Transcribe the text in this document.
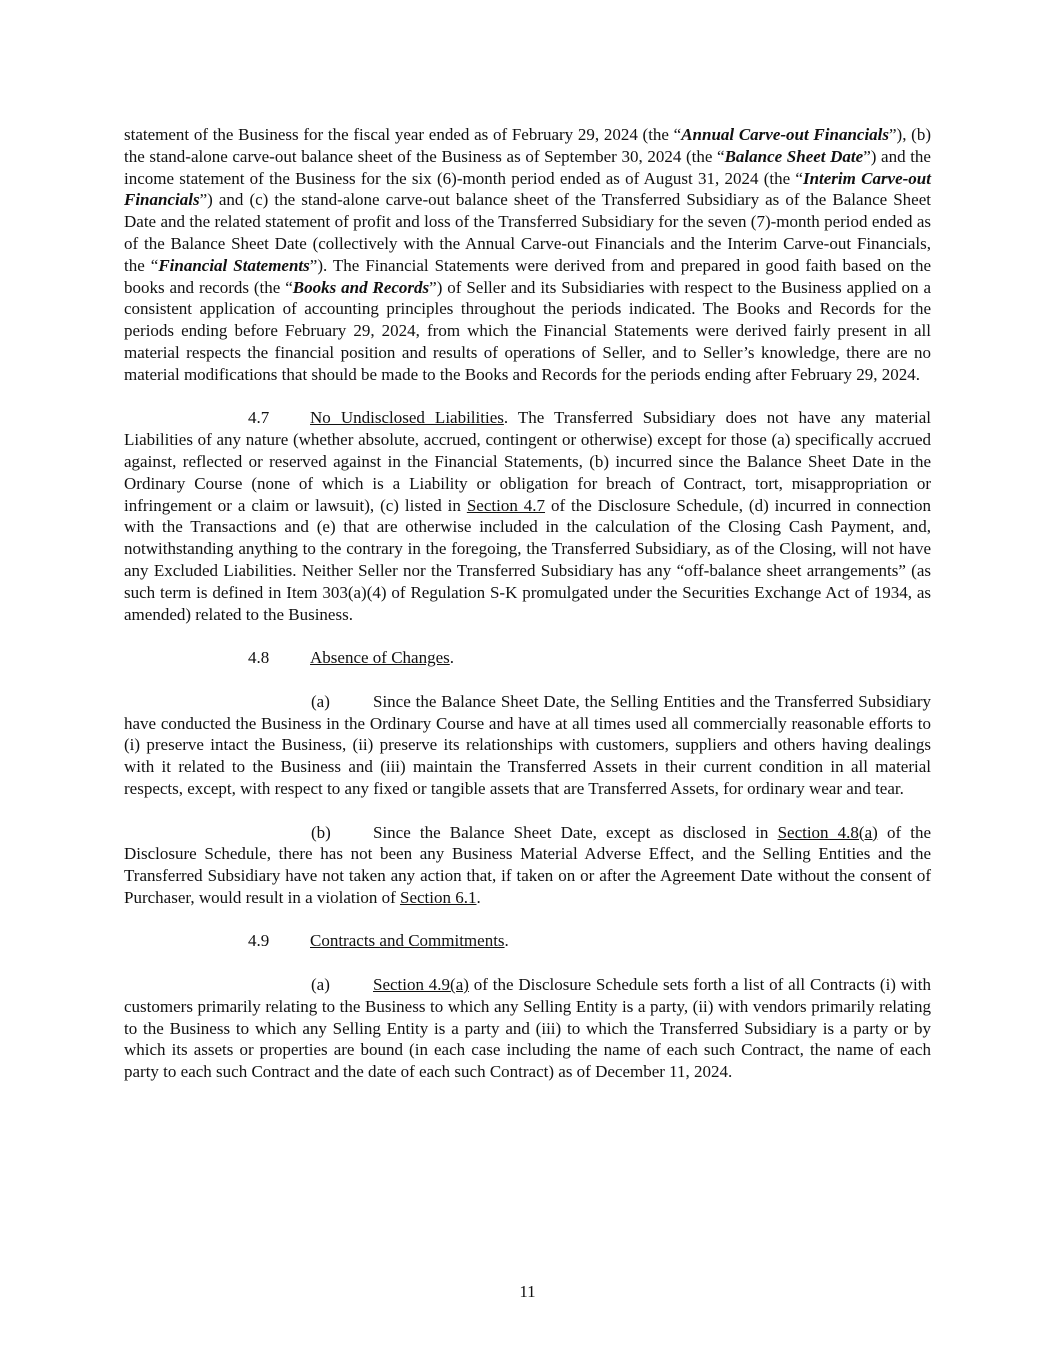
statement of the Business for the fiscal year ended as of February 29, 2024 (the “Annual Carve-out Financials”), (b) the stand-alone carve-out balance sheet of the Business as of September 30, 2024 (the “Balance Sheet Date”) and the income statement of the Business for the six (6)-month period ended as of August 31, 2024 (the “Interim Carve-out Financials”) and (c) the stand-alone carve-out balance sheet of the Transferred Subsidiary as of the Balance Sheet Date and the related statement of profit and loss of the Transferred Subsidiary for the seven (7)-month period ended as of the Balance Sheet Date (collectively with the Annual Carve-out Financials and the Interim Carve-out Financials, the “Financial Statements”). The Financial Statements were derived from and prepared in good faith based on the books and records (the “Books and Records”) of Seller and its Subsidiaries with respect to the Business applied on a consistent application of accounting principles throughout the periods indicated. The Books and Records for the periods ending before February 29, 2024, from which the Financial Statements were derived fairly present in all material respects the financial position and results of operations of Seller, and to Seller’s knowledge, there are no material modifications that should be made to the Books and Records for the periods ending after February 29, 2024.

4.7 No Undisclosed Liabilities. The Transferred Subsidiary does not have any material Liabilities of any nature (whether absolute, accrued, contingent or otherwise) except for those (a) specifically accrued against, reflected or reserved against in the Financial Statements, (b) incurred since the Balance Sheet Date in the Ordinary Course (none of which is a Liability or obligation for breach of Contract, tort, misappropriation or infringement or a claim or lawsuit), (c) listed in Section 4.7 of the Disclosure Schedule, (d) incurred in connection with the Transactions and (e) that are otherwise included in the calculation of the Closing Cash Payment, and, notwithstanding anything to the contrary in the foregoing, the Transferred Subsidiary, as of the Closing, will not have any Excluded Liabilities. Neither Seller nor the Transferred Subsidiary has any “off-balance sheet arrangements” (as such term is defined in Item 303(a)(4) of Regulation S-K promulgated under the Securities Exchange Act of 1934, as amended) related to the Business.

4.8 Absence of Changes.

(a)	Since the Balance Sheet Date, the Selling Entities and the Transferred Subsidiary have conducted the Business in the Ordinary Course and have at all times used all commercially reasonable efforts to (i) preserve intact the Business, (ii) preserve its relationships with customers, suppliers and others having dealings with it related to the Business and (iii) maintain the Transferred Assets in their current condition in all material respects, except, with respect to any fixed or tangible assets that are Transferred Assets, for ordinary wear and tear.

(b) Since the Balance Sheet Date, except as disclosed in Section 4.8(a) of the Disclosure Schedule, there has not been any Business Material Adverse Effect, and the Selling Entities and the Transferred Subsidiary have not taken any action that, if taken on or after the Agreement Date without the consent of Purchaser, would result in a violation of Section 6.1.

4.9 Contracts and Commitments.

(a)	Section 4.9(a) of the Disclosure Schedule sets forth a list of all Contracts (i) with customers primarily relating to the Business to which any Selling Entity is a party, (ii) with vendors primarily relating to the Business to which any Selling Entity is a party and (iii) to which the Transferred Subsidiary is a party or by which its assets or properties are bound (in each case including the name of each such Contract, the name of each party to each such Contract and the date of each such Contract) as of December 11, 2024.

11
